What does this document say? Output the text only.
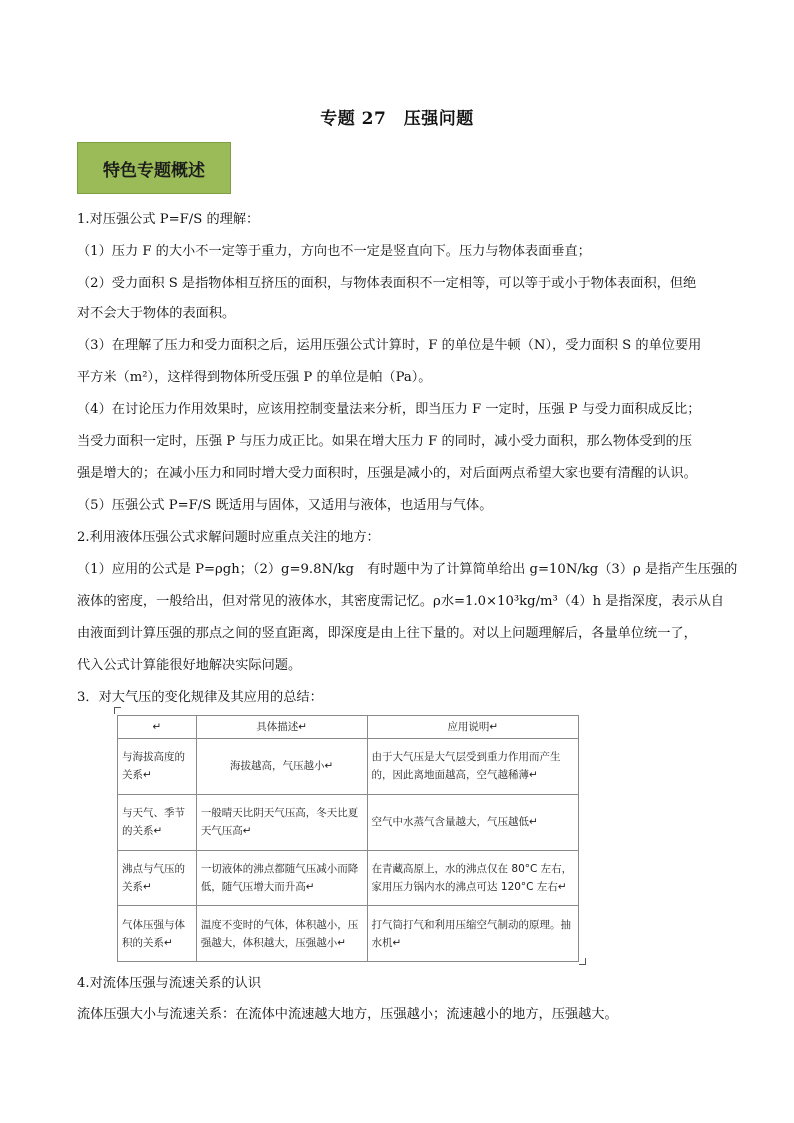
专题 27　压强问题
特色专题概述
1.对压强公式 P=F/S 的理解：
（1）压力 F 的大小不一定等于重力，方向也不一定是竖直向下。压力与物体表面垂直；
（2）受力面积 S 是指物体相互挤压的面积，与物体表面积不一定相等，可以等于或小于物体表面积，但绝
对不会大于物体的表面积。
（3）在理解了压力和受力面积之后，运用压强公式计算时，F 的单位是牛顿（N），受力面积 S 的单位要用
平方米（m²），这样得到物体所受压强 P 的单位是帕（Pa）。
（4）在讨论压力作用效果时，应该用控制变量法来分析，即当压力 F 一定时，压强 P 与受力面积成反比；
当受力面积一定时，压强 P 与压力成正比。如果在增大压力 F 的同时，减小受力面积，那么物体受到的压
强是增大的；在减小压力和同时增大受力面积时，压强是减小的，对后面两点希望大家也要有清醒的认识。
（5）压强公式 P=F/S 既适用与固体，又适用与液体，也适用与气体。
2.利用液体压强公式求解问题时应重点关注的地方：
（1）应用的公式是 P=ρgh；（2）g=9.8N/kg　有时题中为了计算简单给出 g=10N/kg（3）ρ 是指产生压强的
液体的密度，一般给出，但对常见的液体水，其密度需记忆。ρ水=1.0×10³kg/m³（4）h 是指深度，表示从自
由液面到计算压强的那点之间的竖直距离，即深度是由上往下量的。对以上问题理解后，各量单位统一了，
代入公式计算能很好地解决实际问题。
3．对大气压的变化规律及其应用的总结：
↵	具体描述↵	应用说明↵
与海拔高度的关系↵	海拔越高，气压越小↵	由于大气压是大气层受到重力作用而产生的，因此离地面越高，空气越稀薄↵
与天气、季节的关系↵	一般晴天比阴天气压高，冬天比夏天气压高↵	空气中水蒸气含量越大，气压越低↵
沸点与气压的关系↵	一切液体的沸点都随气压减小而降低，随气压增大而升高↵	在青藏高原上，水的沸点仅在 80°C 左右，家用压力锅内水的沸点可达 120°C 左右↵
气体压强与体积的关系↵	温度不变时的气体，体积越小，压强越大，体积越大，压强越小↵	打气筒打气和利用压缩空气制动的原理。抽水机↵
4.对流体压强与流速关系的认识
流体压强大小与流速关系：在流体中流速越大地方，压强越小；流速越小的地方，压强越大。
